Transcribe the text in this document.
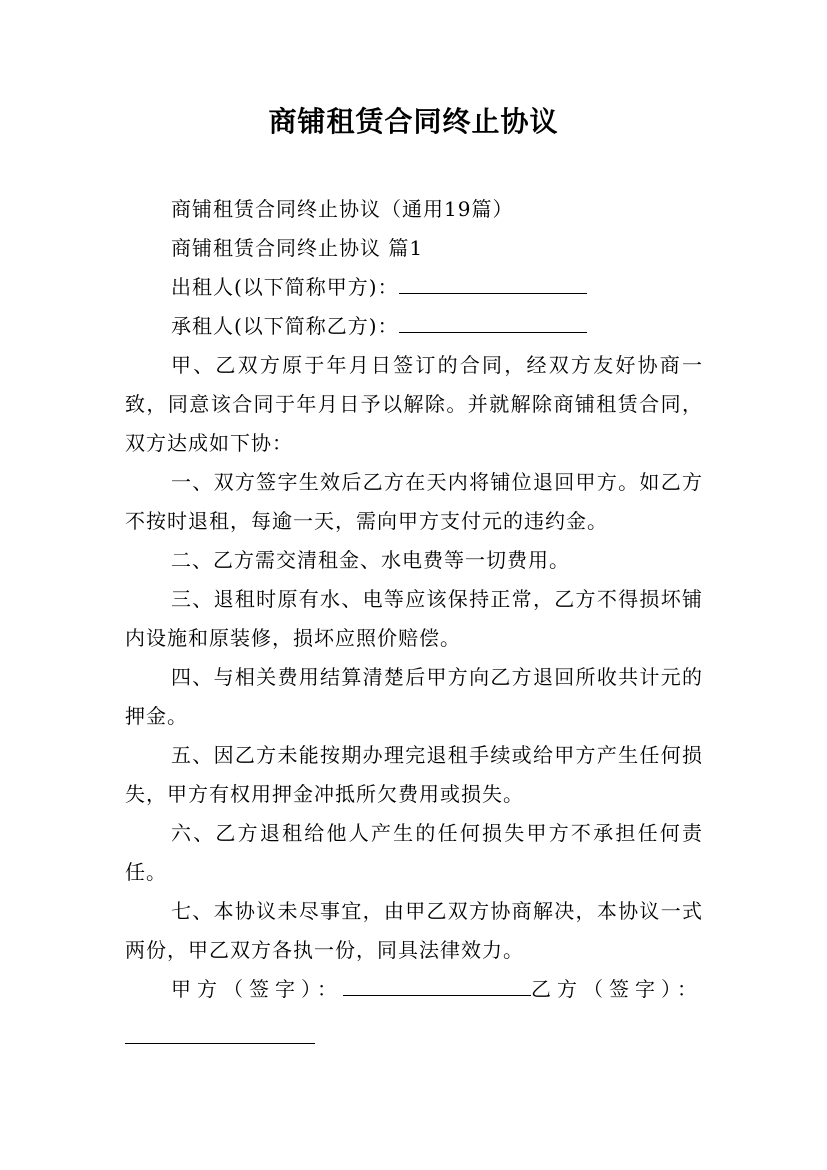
商铺租赁合同终止协议

商铺租赁合同终止协议（通用19篇）

商铺租赁合同终止协议 篇1

出租人(以下简称甲方)：

承租人(以下简称乙方)：

甲、乙双方原于年月日签订的合同，经双方友好协商一致，同意该合同于年月日予以解除。并就解除商铺租赁合同，双方达成如下协：

一、双方签字生效后乙方在天内将铺位退回甲方。如乙方不按时退租，每逾一天，需向甲方支付元的违约金。

二、乙方需交清租金、水电费等一切费用。

三、退租时原有水、电等应该保持正常，乙方不得损坏铺内设施和原装修，损坏应照价赔偿。

四、与相关费用结算清楚后甲方向乙方退回所收共计元的押金。

五、因乙方未能按期办理完退租手续或给甲方产生任何损失，甲方有权用押金冲抵所欠费用或损失。

六、乙方退租给他人产生的任何损失甲方不承担任何责任。

七、本协议未尽事宜，由甲乙双方协商解决，本协议一式两份，甲乙双方各执一份，同具法律效力。

甲方（签字）：	乙方（签字）：
